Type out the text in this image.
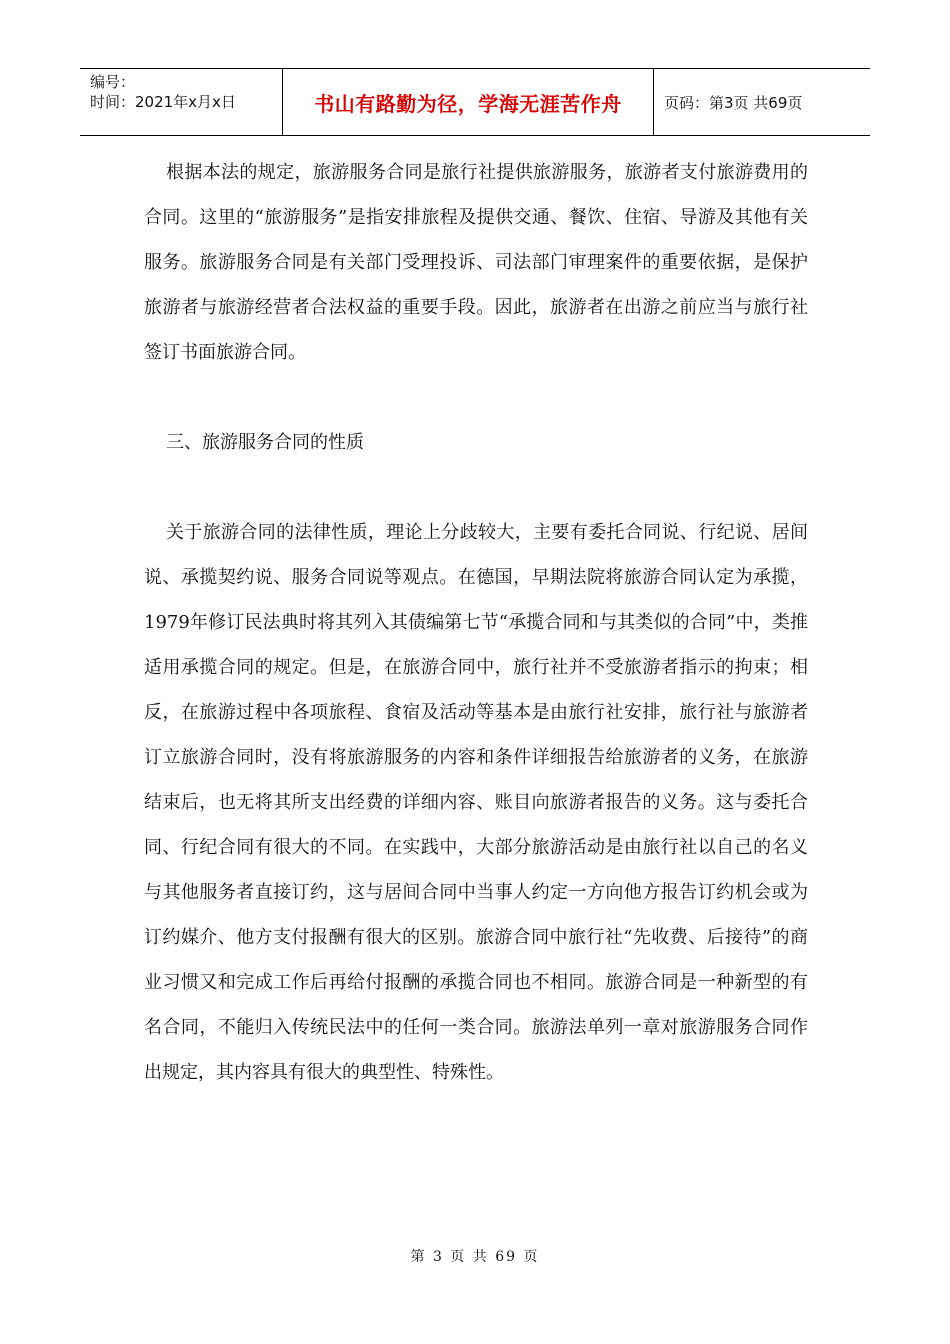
编号：
时间：2021年x月x日	书山有路勤为径，学海无涯苦作舟	页码：第3页 共69页

根据本法的规定，旅游服务合同是旅行社提供旅游服务，旅游者支付旅游费用的合同。这里的“旅游服务”是指安排旅程及提供交通、餐饮、住宿、导游及其他有关服务。旅游服务合同是有关部门受理投诉、司法部门审理案件的重要依据，是保护旅游者与旅游经营者合法权益的重要手段。因此，旅游者在出游之前应当与旅行社签订书面旅游合同。

三、旅游服务合同的性质

关于旅游合同的法律性质，理论上分歧较大，主要有委托合同说、行纪说、居间说、承揽契约说、服务合同说等观点。在德国，早期法院将旅游合同认定为承揽，1979年修订民法典时将其列入其债编第七节“承揽合同和与其类似的合同”中，类推适用承揽合同的规定。但是，在旅游合同中，旅行社并不受旅游者指示的拘束；相反，在旅游过程中各项旅程、食宿及活动等基本是由旅行社安排，旅行社与旅游者订立旅游合同时，没有将旅游服务的内容和条件详细报告给旅游者的义务，在旅游结束后，也无将其所支出经费的详细内容、账目向旅游者报告的义务。这与委托合同、行纪合同有很大的不同。在实践中，大部分旅游活动是由旅行社以自己的名义与其他服务者直接订约，这与居间合同中当事人约定一方向他方报告订约机会或为订约媒介、他方支付报酬有很大的区别。旅游合同中旅行社“先收费、后接待”的商业习惯又和完成工作后再给付报酬的承揽合同也不相同。旅游合同是一种新型的有名合同，不能归入传统民法中的任何一类合同。旅游法单列一章对旅游服务合同作出规定，其内容具有很大的典型性、特殊性。

第 3 页 共 69 页
